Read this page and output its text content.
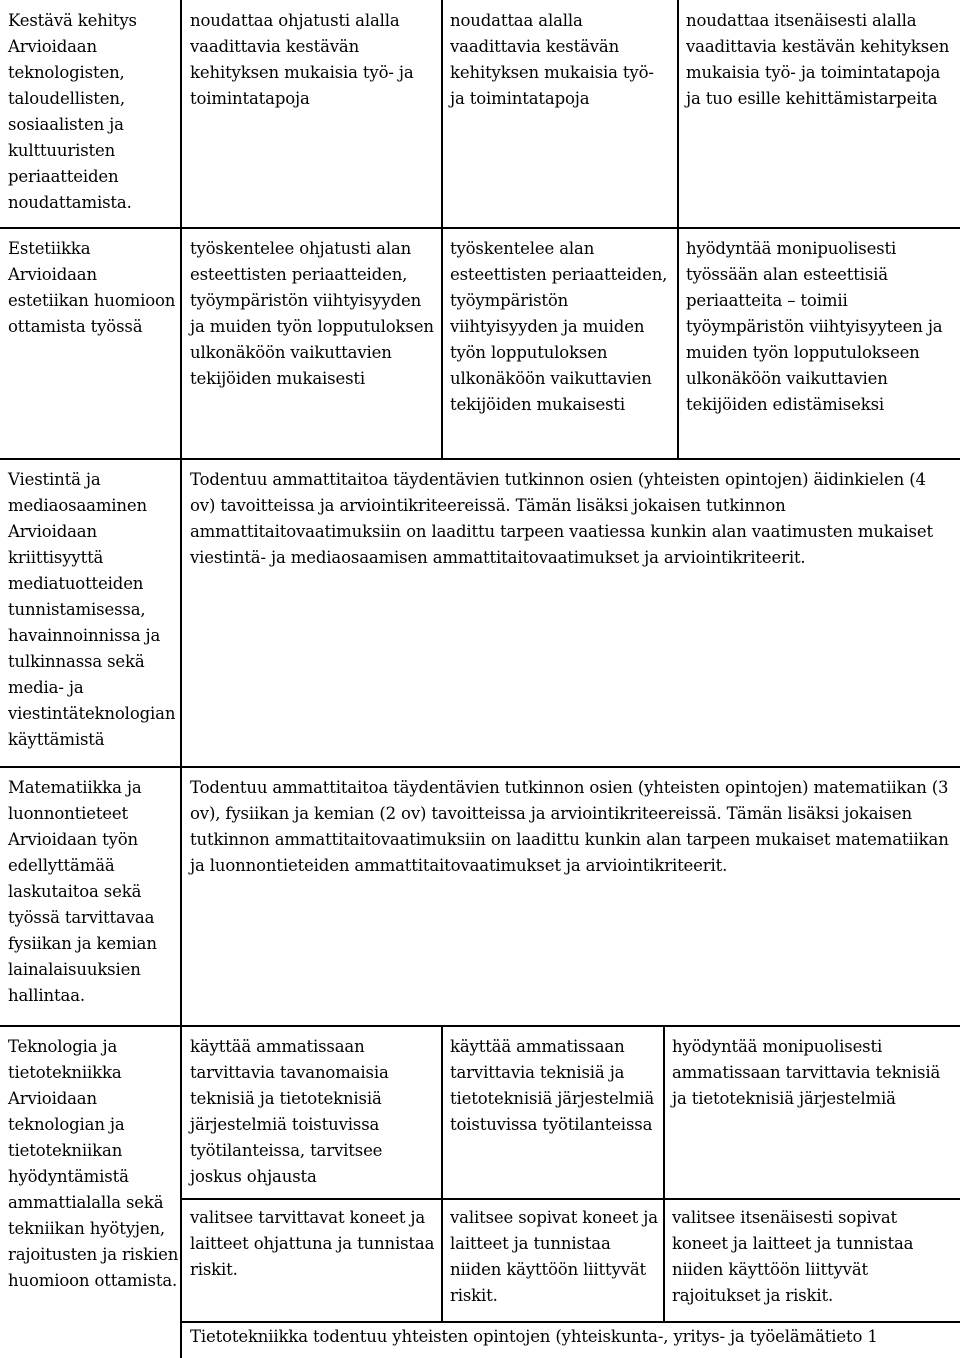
Kestävä kehitys

Arvioidaan teknologisten, taloudellisten, sosiaalisten ja kulttuuristen periaatteiden noudattamista.

noudattaa ohjatusti alalla vaadittavia kestävän kehityksen mukaisia työ- ja toimintatapoja
noudattaa alalla vaadittavia kestävän kehityksen mukaisia työ- ja toimintatapoja
noudattaa itsenäisesti alalla vaadittavia kestävän kehityksen mukaisia työ- ja toimintatapoja ja tuo esille kehittämistarpeita

Estetiikka

Arvioidaan estetiikan huomioon ottamista työssä

työskentelee ohjatusti alan esteettisten periaatteiden, työympäristön viihtyisyyden ja muiden työn lopputuloksen ulkonäköön vaikuttavien tekijöiden mukaisesti
työskentelee alan esteettisten periaatteiden, työympäristön viihtyisyyden ja muiden työn lopputuloksen ulkonäköön vaikuttavien tekijöiden mukaisesti
hyödyntää monipuolisesti työssään alan esteettisiä periaatteita – toimii työympäristön viihtyisyyteen ja muiden työn lopputulokseen ulkonäköön vaikuttavien tekijöiden edistämiseksi

Viestintä ja mediaosaaminen

Arvioidaan kriittisyyttä mediatuotteiden tunnistamisessa, havainnoinnissa ja tulkinnassa sekä media- ja viestintäteknologian käyttämistä

Todentuu ammattitaitoa täydentävien tutkinnon osien (yhteisten opintojen) äidinkielen (4 ov) tavoitteissa ja arviointikriteereissä. Tämän lisäksi jokaisen tutkinnon ammattitaitovaatimuksiin on laadittu tarpeen vaatiessa kunkin alan vaatimusten mukaiset viestintä- ja mediaosaamisen ammattitaitovaatimukset ja arviointikriteerit.

Matematiikka ja luonnontieteet

Arvioidaan työn edellyttämää laskutaitoa sekä työssä tarvittavaa fysiikan ja kemian lainalaisuuksien hallintaa.

Todentuu ammattitaitoa täydentävien tutkinnon osien (yhteisten opintojen) matematiikan (3 ov), fysiikan ja kemian (2 ov) tavoitteissa ja arviointikriteereissä. Tämän lisäksi jokaisen tutkinnon ammattitaitovaatimuksiin on laadittu kunkin alan tarpeen mukaiset matematiikan ja luonnontieteiden ammattitaitovaatimukset ja arviointikriteerit.

Teknologia ja tietotekniikka

Arvioidaan teknologian ja tietotekniikan hyödyntämistä ammattialalla sekä tekniikan hyötyjen, rajoitusten ja riskien huomioon ottamista.

käyttää ammatissaan tarvittavia tavanomaisia teknisiä ja tietoteknisiä järjestelmiä toistuvissa työtilanteissa, tarvitsee joskus ohjausta
käyttää ammatissaan tarvittavia teknisiä ja tietoteknisiä järjestelmiä toistuvissa työtilanteissa
hyödyntää monipuolisesti ammatissaan tarvittavia teknisiä ja tietoteknisiä järjestelmiä
valitsee tarvittavat koneet ja laitteet ohjattuna ja tunnistaa riskit.
valitsee sopivat koneet ja laitteet ja tunnistaa niiden käyttöön liittyvät riskit.
valitsee itsenäisesti sopivat koneet ja laitteet ja tunnistaa niiden käyttöön liittyvät rajoitukset ja riskit.
Tietotekniikka todentuu yhteisten opintojen (yhteiskunta-, yritys- ja työelämätieto 1
